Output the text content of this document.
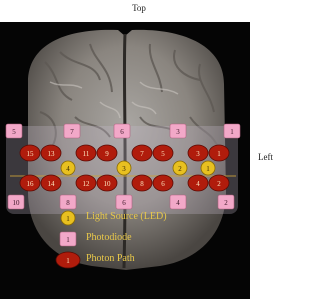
Top
Left
15 13	11 9	7	5	3	1
16 14	12 10	8	6	4	2
4	3	2	1
5	7	6	3	1
10	8	6	4	2
1
1
1
Light Source (LED)
Photodiode
Photon Path
